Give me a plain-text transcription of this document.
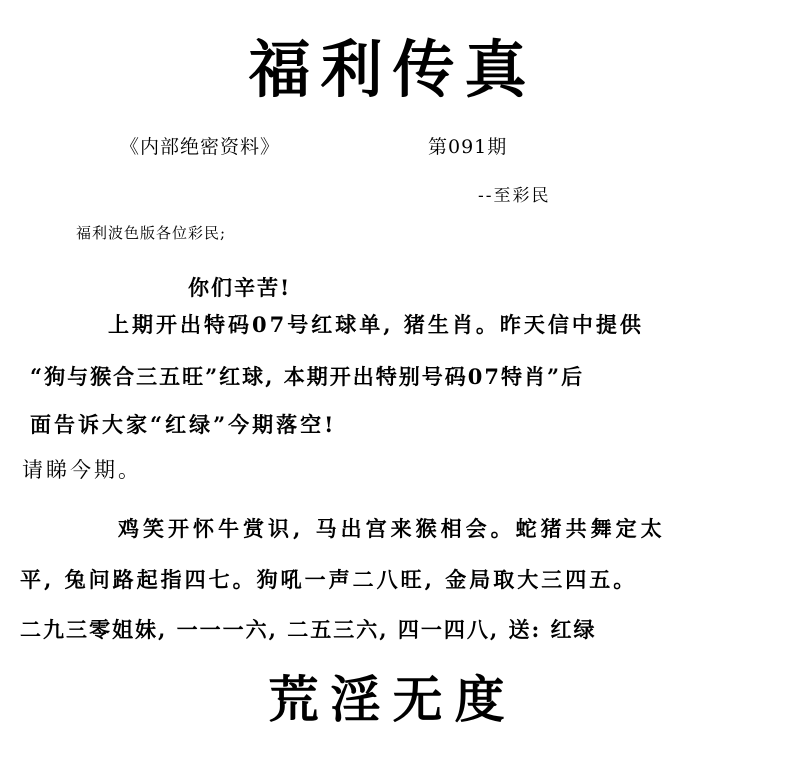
福利传真
《内部绝密资料》	第091期
--至彩民
福利波色版各位彩民;
你们辛苦!
上期开出特码07号红球单, 猪生肖。昨天信中提供
“狗与猴合三五旺”红球, 本期开出特别号码07特肖”后
面告诉大家“红绿”今期落空!
请睇今期。
鸡笑开怀牛赏识, 马出宫来猴相会。蛇猪共舞定太
平, 兔问路起指四七。狗吼一声二八旺, 金局取大三四五。
二九三零姐妹, 一一一六, 二五三六, 四一四八, 送: 红绿
荒淫无度
